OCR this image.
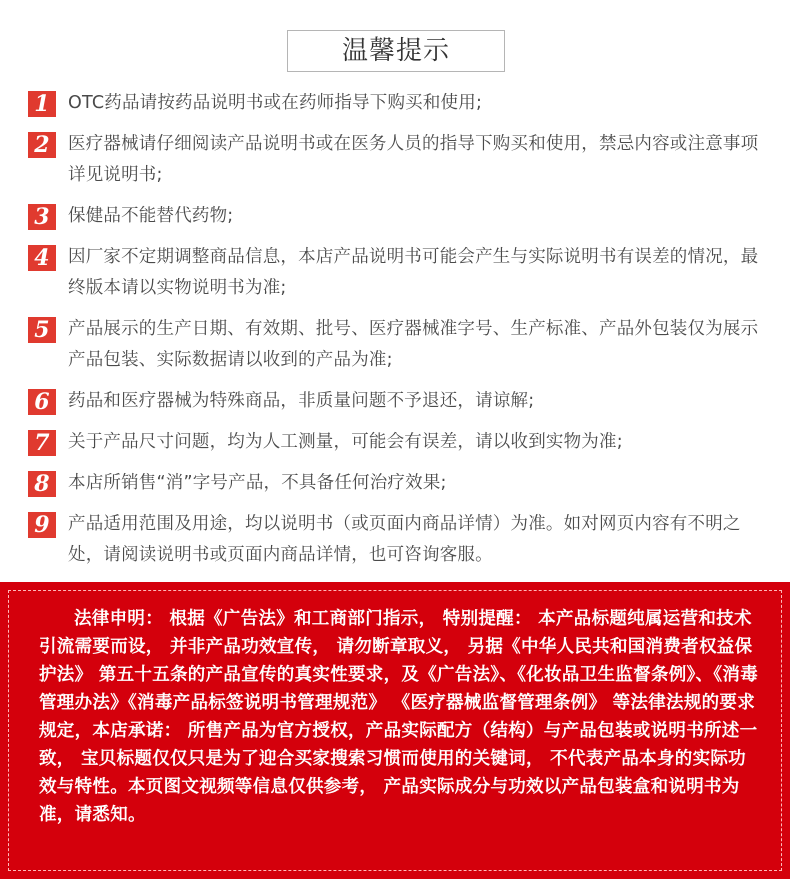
温馨提示
1	OTC药品请按药品说明书或在药师指导下购买和使用;
2	医疗器械请仔细阅读产品说明书或在医务人员的指导下购买和使用，禁忌内容或注意事项详见说明书;
3	保健品不能替代药物;
4	因厂家不定期调整商品信息，本店产品说明书可能会产生与实际说明书有误差的情况，最终版本请以实物说明书为准;
5	产品展示的生产日期、有效期、批号、医疗器械准字号、生产标准、产品外包装仅为展示产品包装、实际数据请以收到的产品为准;
6	药品和医疗器械为特殊商品，非质量问题不予退还，请谅解;
7	关于产品尺寸问题，均为人工测量，可能会有误差，请以收到实物为准;
8	本店所销售“消”字号产品，不具备任何治疗效果;
9	产品适用范围及用途，均以说明书（或页面内商品详情）为准。如对网页内容有不明之处，请阅读说明书或页面内商品详情，也可咨询客服。

法律申明： 根据《广告法》和工商部门指示， 特别提醒： 本产品标题纯属运营和技术引流需要而设， 并非产品功效宣传， 请勿断章取义， 另据《中华人民共和国消费者权益保护法》 第五十五条的产品宣传的真实性要求，及《广告法》、《化妆品卫生监督条例》、《消毒管理办法》《消毒产品标签说明书管理规范》 《医疗器械监督管理条例》 等法律法规的要求规定，本店承诺： 所售产品为官方授权，产品实际配方（结构）与产品包装或说明书所述一致， 宝贝标题仅仅只是为了迎合买家搜索习惯而使用的关键词， 不代表产品本身的实际功效与特性。本页图文视频等信息仅供参考， 产品实际成分与功效以产品包装盒和说明书为准，请悉知。
